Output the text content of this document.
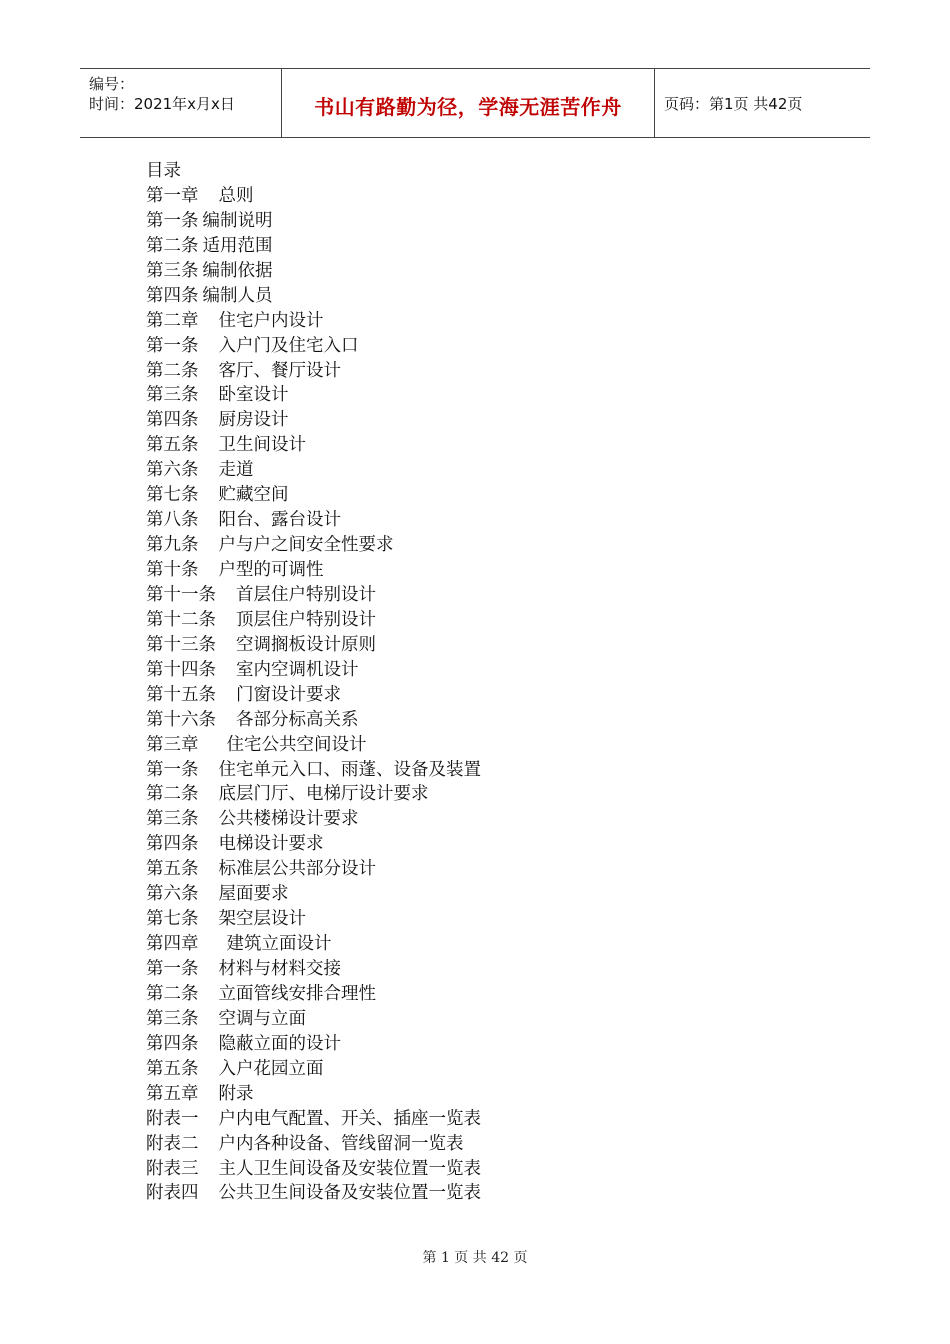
编号：
时间：2021年x月x日	书山有路勤为径，学海无涯苦作舟	页码：第1页 共42页
目录
第一章 总则
第一条 编制说明
第二条 适用范围
第三条 编制依据
第四条 编制人员
第二章 住宅户内设计
第一条 入户门及住宅入口
第二条 客厅、餐厅设计
第三条 卧室设计
第四条 厨房设计
第五条 卫生间设计
第六条 走道
第七条 贮藏空间
第八条 阳台、露台设计
第九条 户与户之间安全性要求
第十条 户型的可调性
第十一条 首层住户特别设计
第十二条 顶层住户特别设计
第十三条 空调搁板设计原则
第十四条 室内空调机设计
第十五条 门窗设计要求
第十六条 各部分标高关系
第三章 住宅公共空间设计
第一条 住宅单元入口、雨蓬、设备及装置
第二条 底层门厅、电梯厅设计要求
第三条 公共楼梯设计要求
第四条 电梯设计要求
第五条 标准层公共部分设计
第六条 屋面要求
第七条 架空层设计
第四章 建筑立面设计
第一条 材料与材料交接
第二条 立面管线安排合理性
第三条 空调与立面
第四条 隐蔽立面的设计
第五条 入户花园立面
第五章 附录
附表一 户内电气配置、开关、插座一览表
附表二 户内各种设备、管线留洞一览表
附表三 主人卫生间设备及安装位置一览表
附表四 公共卫生间设备及安装位置一览表
第 1 页 共 42 页
